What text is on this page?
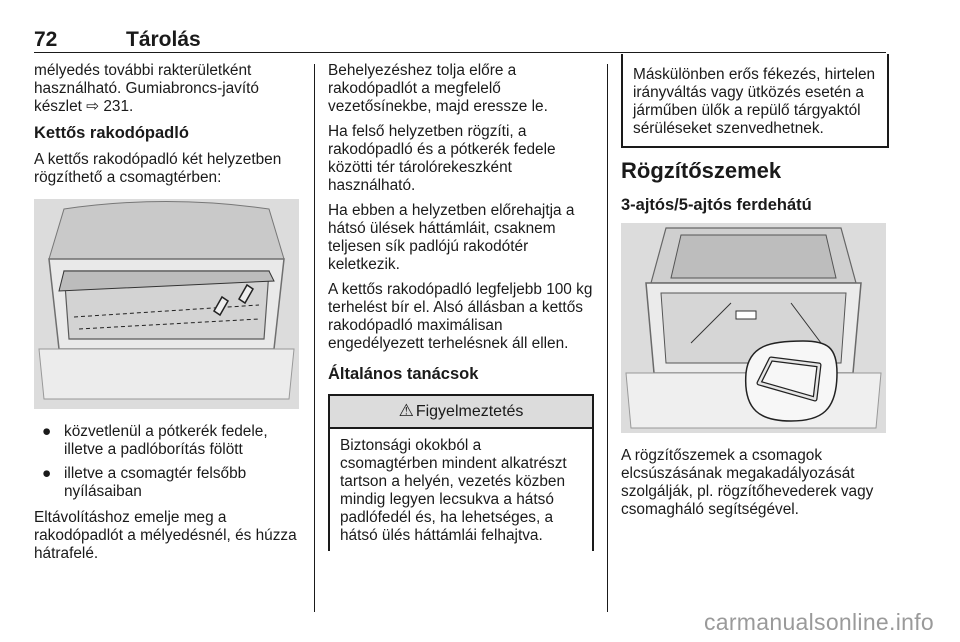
72	Tárolás

mélyedés további rakterületként használható. Gumiabroncs-javító készlet ⇨ 231.

Kettős rakodópadló

A kettős rakodópadló két helyzetben rögzíthető a csomagtérben:

● közvetlenül a pótkerék fedele, illetve a padlóborítás fölött
● illetve a csomagtér felsőbb nyílásaiban

Eltávolításhoz emelje meg a rakodópadlót a mélyedésnél, és húzza hátrafelé.

Behelyezéshez tolja előre a rakodópadlót a megfelelő vezetősínekbe, majd eressze le.

Ha felső helyzetben rögzíti, a rakodópadló és a pótkerék fedele közötti tér tárolórekeszként használható.

Ha ebben a helyzetben előrehajtja a hátsó ülések háttámláit, csaknem teljesen sík padlójú rakodótér keletkezik.

A kettős rakodópadló legfeljebb 100 kg terhelést bír el. Alsó állásban a kettős rakodópadló maximálisan engedélyezett terhelésnek áll ellen.

Általános tanácsok
⚠ Figyelmeztetés
Biztonsági okokból a csomagtérben mindent alkatrészt tartson a helyén, vezetés közben mindig legyen lecsukva a hátsó padlófedél és, ha lehetséges, a hátsó ülés háttámlái felhajtva.
Máskülönben erős fékezés, hirtelen irányváltás vagy ütközés esetén a járműben ülők a repülő tárgyaktól sérüléseket szenvedhetnek.
Rögzítőszemek
3-ajtós/5-ajtós ferdehátú

A rögzítőszemek a csomagok elcsúszásának megakadályozását szolgálják, pl. rögzítőhevederek vagy csomagháló segítségével.

carmanualsonline.info
